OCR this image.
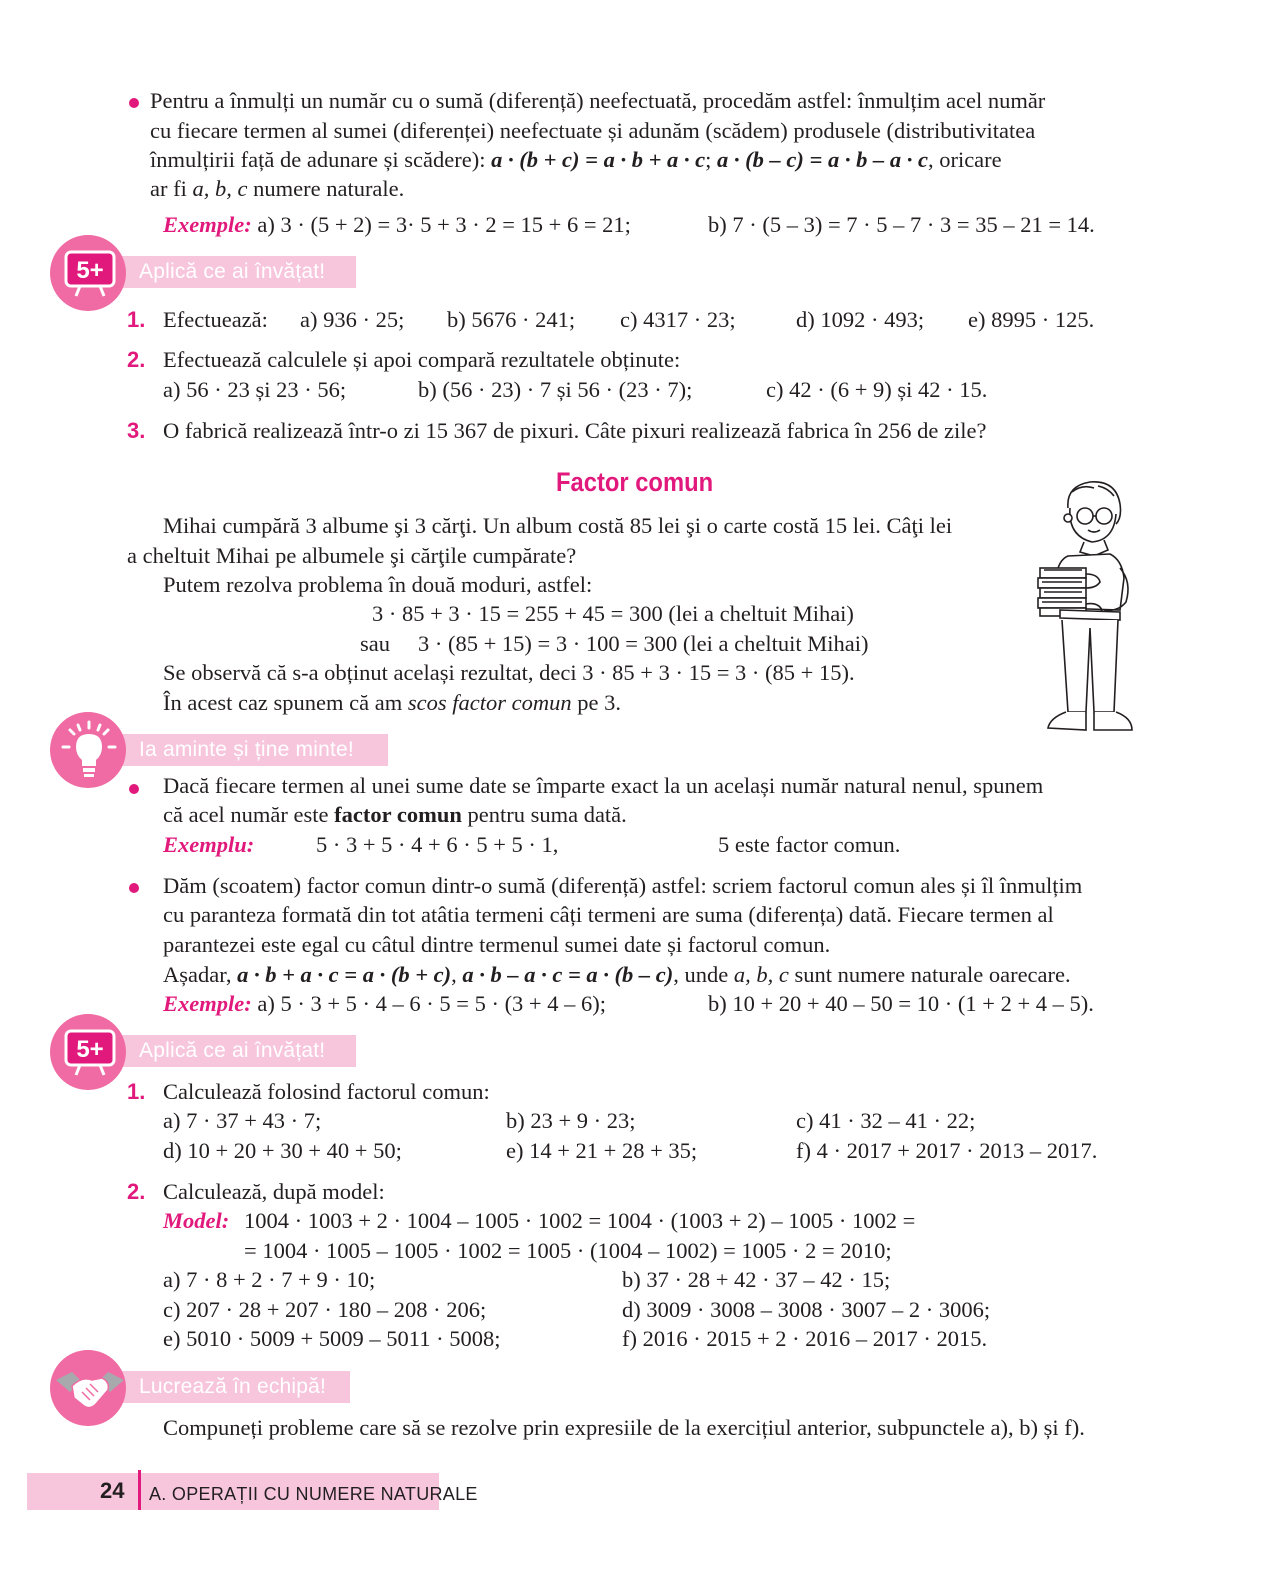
Pentru a înmulți un număr cu o sumă (diferență) neefectuată, procedăm astfel: înmulțim acel număr
cu fiecare termen al sumei (diferenței) neefectuate și adunăm (scădem) produsele (distributivitatea
înmulțirii față de adunare și scădere): a · (b + c) = a · b + a · c; a · (b – c) = a · b – a · c, oricare
ar fi a, b, c numere naturale.
Exemple: a) 3 · (5 + 2) = 3· 5 + 3 · 2 = 15 + 6 = 21;	b) 7 · (5 – 3) = 7 · 5 – 7 · 3 = 35 – 21 = 14.
5+ Aplică ce ai învățat!
1. Efectuează: a) 936 · 25; b) 5676 · 241; c) 4317 · 23;	d) 1092 · 493; e) 8995 · 125.
2. Efectuează calculele și apoi compară rezultatele obținute:
a) 56 · 23 și 23 · 56;	b) (56 · 23) · 7 și 56 · (23 · 7);	c) 42 · (6 + 9) și 42 · 15.
3. O fabrică realizează într-o zi 15 367 de pixuri. Câte pixuri realizează fabrica în 256 de zile?
Factor comun
Mihai cumpără 3 albume şi 3 cărţi. Un album costă 85 lei şi o carte costă 15 lei. Câţi lei
a cheltuit Mihai pe albumele şi cărţile cumpărate?
Putem rezolva problema în două moduri, astfel:
3 · 85 + 3 · 15 = 255 + 45 = 300 (lei a cheltuit Mihai)
sau 3 · (85 + 15) = 3 · 100 = 300 (lei a cheltuit Mihai)
Se observă că s-a obținut același rezultat, deci 3 · 85 + 3 · 15 = 3 · (85 + 15).
În acest caz spunem că am scos factor comun pe 3.
Ia aminte și ține minte!
Dacă fiecare termen al unei sume date se împarte exact la un același număr natural nenul, spunem
că acel număr este factor comun pentru suma dată.
Exemplu:	5 · 3 + 5 · 4 + 6 · 5 + 5 · 1,	5 este factor comun.
Dăm (scoatem) factor comun dintr-o sumă (diferență) astfel: scriem factorul comun ales și îl înmulțim
cu paranteza formată din tot atâtia termeni câți termeni are suma (diferența) dată. Fiecare termen al
parantezei este egal cu câtul dintre termenul sumei date și factorul comun.
Așadar, a · b + a · c = a · (b + c), a · b – a · c = a · (b – c), unde a, b, c sunt numere naturale oarecare.
Exemple: a) 5 · 3 + 5 · 4 – 6 · 5 = 5 · (3 + 4 – 6);	b) 10 + 20 + 40 – 50 = 10 · (1 + 2 + 4 – 5).
5+ Aplică ce ai învățat!
1. Calculează folosind factorul comun:
a) 7 · 37 + 43 · 7;	b) 23 + 9 · 23;	c) 41 · 32 – 41 · 22;
d) 10 + 20 + 30 + 40 + 50;	e) 14 + 21 + 28 + 35;	f) 4 · 2017 + 2017 · 2013 – 2017.
2. Calculează, după model:
Model: 1004 · 1003 + 2 · 1004 – 1005 · 1002 = 1004 · (1003 + 2) – 1005 · 1002 =
= 1004 · 1005 – 1005 · 1002 = 1005 · (1004 – 1002) = 1005 · 2 = 2010;
a) 7 · 8 + 2 · 7 + 9 · 10;	b) 37 · 28 + 42 · 37 – 42 · 15;
c) 207 · 28 + 207 · 180 – 208 · 206;	d) 3009 · 3008 – 3008 · 3007 – 2 · 3006;
e) 5010 · 5009 + 5009 – 5011 · 5008;	f) 2016 · 2015 + 2 · 2016 – 2017 · 2015.
Lucrează în echipă!
Compuneți probleme care să se rezolve prin expresiile de la exercițiul anterior, subpunctele a), b) și f).
24 A. OPERAȚII CU NUMERE NATURALE
